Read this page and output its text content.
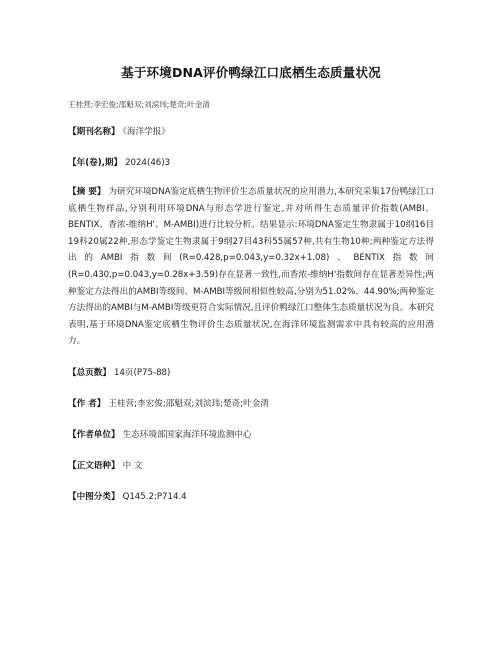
基于环境DNA评价鸭绿江口底栖生态质量状况
王桂营;李宏俊;邵魁双;刘滨玮;楚奇;叶金清
【期刊名称】 《海洋学报》
【年(卷),期】 2024(46)3
【摘 要】 为研究环境DNA鉴定底栖生物评价生态质量状况的应用潜力,本研究采集17份鸭绿江口底栖生物样品,分别利用环境DNA与形态学进行鉴定,并对所得生态质量评价指数(AMBI、BENTIX、香浓-维纳H'、M-AMBI)进行比较分析。结果显示:环境DNA鉴定生物隶属于10纲16目19科20属22种,形态学鉴定生物隶属于9纲27目43科55属57种,共有生物10种;两种鉴定方法得出的AMBI指数间(R=0.428,p=0.043,y=0.32x+1.08)、BENTIX指数间(R=0.430,p=0.043,y=0.28x+3.59)存在显著一致性,而香浓-维纳H'指数间存在显著差异性;两种鉴定方法得出的AMBI等级间、M-AMBI等级间相似性较高,分别为51.02%、44.90%;两种鉴定方法得出的AMBI与M-AMBI等级更符合实际情况,且评价鸭绿江口整体生态质量状况为良。本研究表明,基于环境DNA鉴定底栖生物评价生态质量状况,在海洋环境监测需求中具有较高的应用潜力。
【总页数】 14页(P75-88)
【作 者】 王桂营;李宏俊;邵魁双;刘滨玮;楚奇;叶金清
【作者单位】 生态环境部国家海洋环境监测中心
【正文语种】 中 文
【中图分类】 Q145.2;P714.4
